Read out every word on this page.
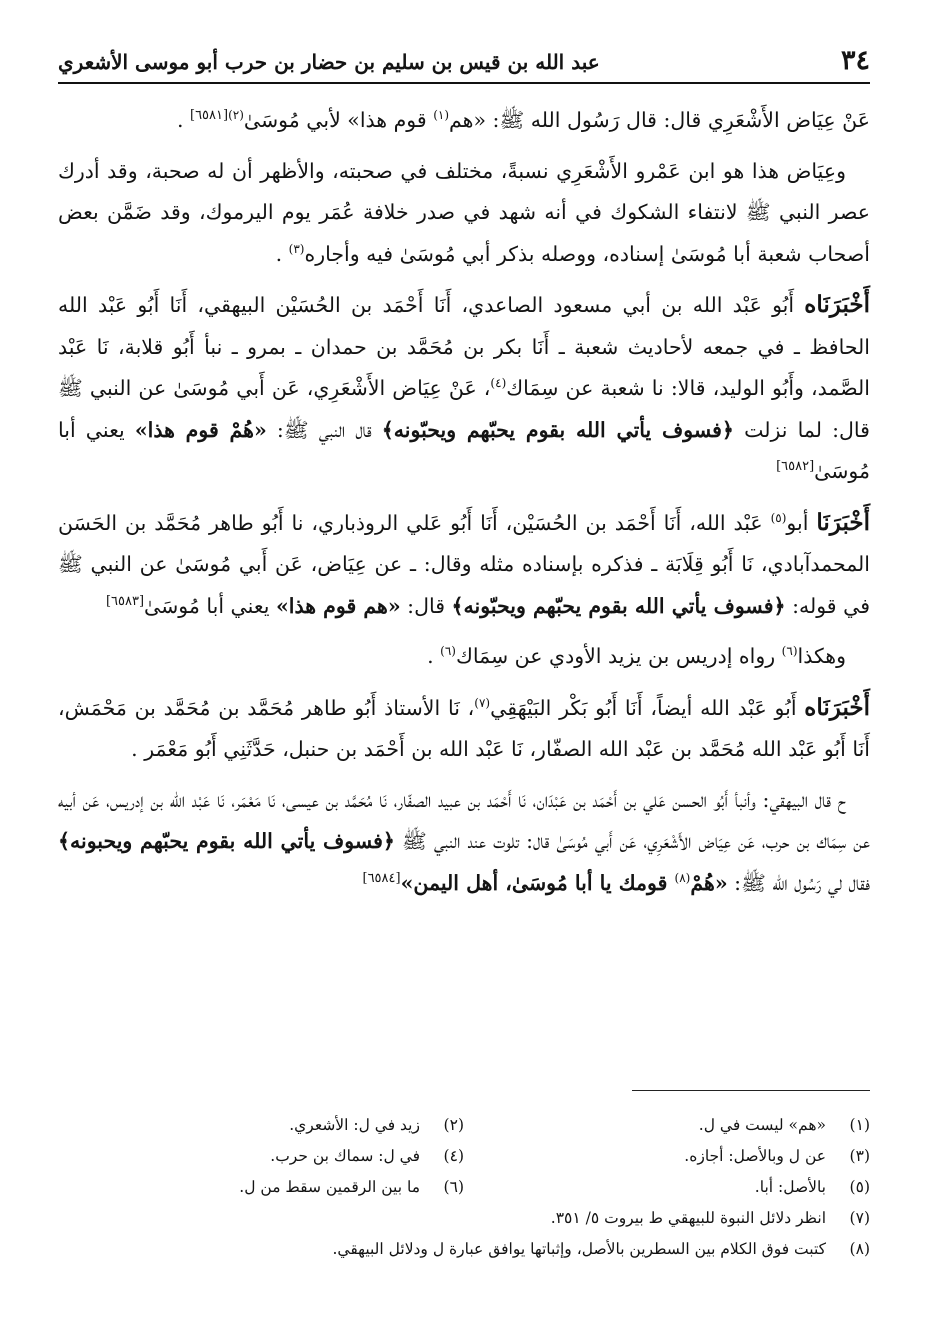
٣٤
عبد الله بن قيس بن سليم بن حضار بن حرب أبو موسى الأشعري

عَنْ عِيَاض الأَشْعَرِي قال: قال رَسُول الله ﷺ: «هم$^{(١)}$ قوم هذا» لأبي مُوسَىٰ$^{(٢)[٦٥٨١]}$ .

وعِيَاض هذا هو ابن عَمْرو الأَشْعَرِي نسبةً، مختلف في صحبته، والأظهر أن له صحبة، وقد أدرك عصر النبي ﷺ لانتفاء الشكوك في أنه شهد في صدر خلافة عُمَر يوم اليرموك، وقد ضَمَّن بعض أصحاب شعبة أبا مُوسَىٰ إسناده، ووصله بذكر أبي مُوسَىٰ فيه وأجاره$^{(٣)}$ .

أَخْبَرَنَاه أَبُو عَبْد الله بن أبي مسعود الصاعدي، أَنَا أَحْمَد بن الحُسَيْن البيهقي، أَنَا أَبُو عَبْد الله الحافظ ـ في جمعه لأحاديث شعبة ـ أَنَا بكر بن مُحَمَّد بن حمدان ـ بمرو ـ نبأ أَبُو قلابة، نَا عَبْد الصَّمد، وأَبُو الوليد، قالا: نا شعبة عن سِمَاك$^{(٤)}$، عَنْ عِيَاض الأَشْعَرِي، عَن أَبي مُوسَىٰ عن النبي ﷺ قال: لما نزلت ﴿فسوف يأتي الله بقوم يحبّهم ويحبّونه﴾ قال النبي ﷺ: «هُمْ قوم هذا» يعني أبا مُوسَىٰ[٦٥٨٢]

أَخْبَرَنَا أبو$^{(٥)}$ عَبْد الله، أَنَا أَحْمَد بن الحُسَيْن، أَنَا أَبُو عَلي الروذباري، نا أَبُو طاهر مُحَمَّد بن الحَسَن المحمدآبادي، نَا أَبُو قِلَابَة ـ فذكره بإسناده مثله وقال: ـ عن عِيَاض، عَن أَبي مُوسَىٰ عن النبي ﷺ في قوله: ﴿فسوف يأتي الله بقوم يحبّهم ويحبّونه﴾ قال: «هم قوم هذا» يعني أبا مُوسَىٰ[٦٥٨٣]

وهكذا$^{(٦)}$ رواه إدريس بن يزيد الأودي عن سِمَاك$^{(٦)}$ .

أَخْبَرَنَاه أَبُو عَبْد الله أيضاً، أَنَا أَبُو بَكْر البَيْهَقِي$^{(٧)}$، نَا الأستاذ أَبُو طاهر مُحَمَّد بن مُحَمَّد بن مَحْمَش، أَنَا أَبُو عَبْد الله مُحَمَّد بن عَبْد الله الصفّار، نَا عَبْد الله بن أَحْمَد بن حنبل، حَدَّثَنِي أَبُو مَعْمَر .

ح قال البيهقي: وأنبأ أَبُو الحسن عَلي بن أَحْمَد بن عَبْدَان، نَا أَحْمَد بن عبيد الصفّار، نَا مُحَمَّد بن عيسى، نَا مَعْمَر، نَا عَبْد الله بن إدريس، عَن أبيه عن سِمَاك بن حرب، عَن عِيَاض الأَشْعَرِي، عَن أَبي مُوسَىٰ قال: تلوت عند النبي ﷺ ﴿فسوف يأتي الله بقوم يحبّهم ويحبونه﴾ فقال لي رَسُول الله ﷺ: «هُمْ$^{(٨)}$ قومك يا أبا مُوسَىٰ، أهل اليمن»[٦٥٨٤]

(١)«هم» ليست في ل.
(٢)زيد في ل: الأشعري.
(٣)عن ل وبالأصل: أجازه.
(٤)في ل: سماك بن حرب.
(٥)بالأصل: أبا.
(٦)ما بين الرقمين سقط من ل.
(٧)انظر دلائل النبوة للبيهقي ط بيروت ٥/ ٣٥١.
(٨)كتبت فوق الكلام بين السطرين بالأصل، وإثباتها يوافق عبارة ل ودلائل البيهقي.
